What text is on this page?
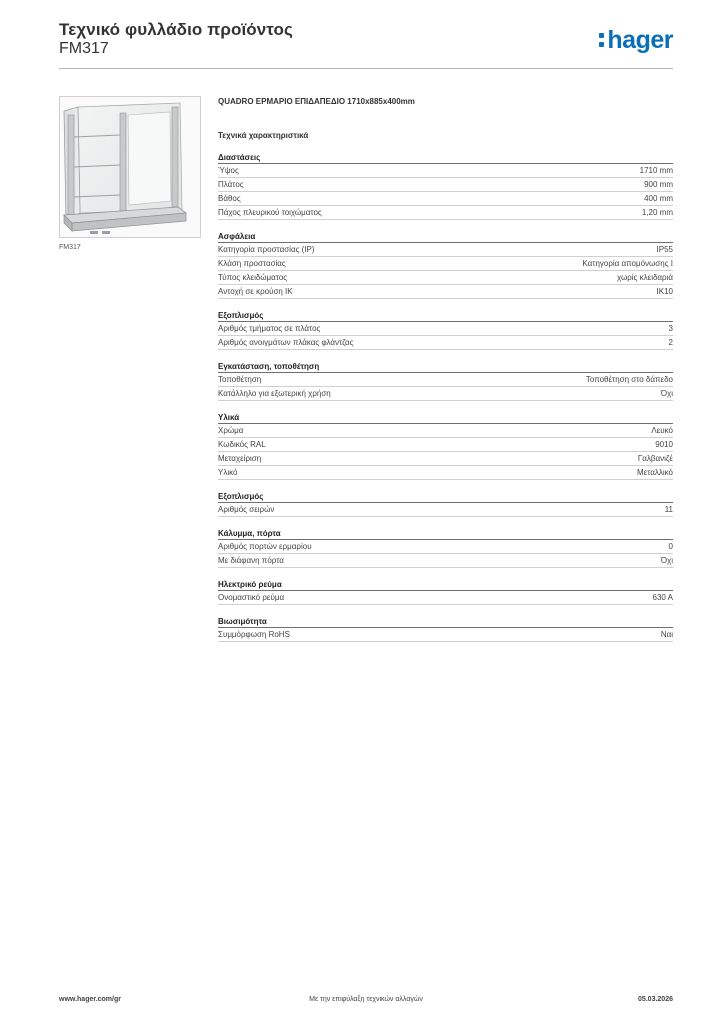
Τεχνικό φυλλάδιο προϊόντος
FM317	hager
FM317
QUADRO ΕΡΜΑΡΙΟ ΕΠΙΔΑΠΕΔΙΟ 1710x885x400mm
Τεχνικά χαρακτηριστικά
Διαστάσεις
Ύψος	1710 mm
Πλάτος	900 mm
Βάθος	400 mm
Πάχος πλευρικού τοιχώματος	1,20 mm
Ασφάλεια
Κατηγορία προστασίας (IP)	IP55
Κλάση προστασίας	Κατηγορία απομόνωσης I
Τύπος κλειδώματος	χωρίς κλειδαριά
Αντοχή σε κρούση IK	IK10
Εξοπλισμός
Αριθμός τμήματος σε πλάτος	3
Αριθμός ανοιγμάτων πλάκας φλάντζας	2
Εγκατάσταση, τοποθέτηση
Τοποθέτηση	Τοποθέτηση στο δάπεδο
Κατάλληλο για εξωτερική χρήση	Όχι
Υλικά
Χρώμα	Λευκό
Κωδικός RAL	9010
Μεταχείριση	Γαλβανιζέ
Υλικό	Μεταλλικό
Εξοπλισμός
Αριθμός σειρών	11
Κάλυμμα, πόρτα
Αριθμός πορτών ερμαρίου	0
Με διάφανη πόρτα	Όχι
Ηλεκτρικό ρεύμα
Ονομαστικό ρεύμα	630 A
Βιωσιμότητα
Συμμόρφωση RoHS	Ναι
Με την επιφύλαξη τεχνικών αλλαγών
www.hager.com/gr	05.03.2026
